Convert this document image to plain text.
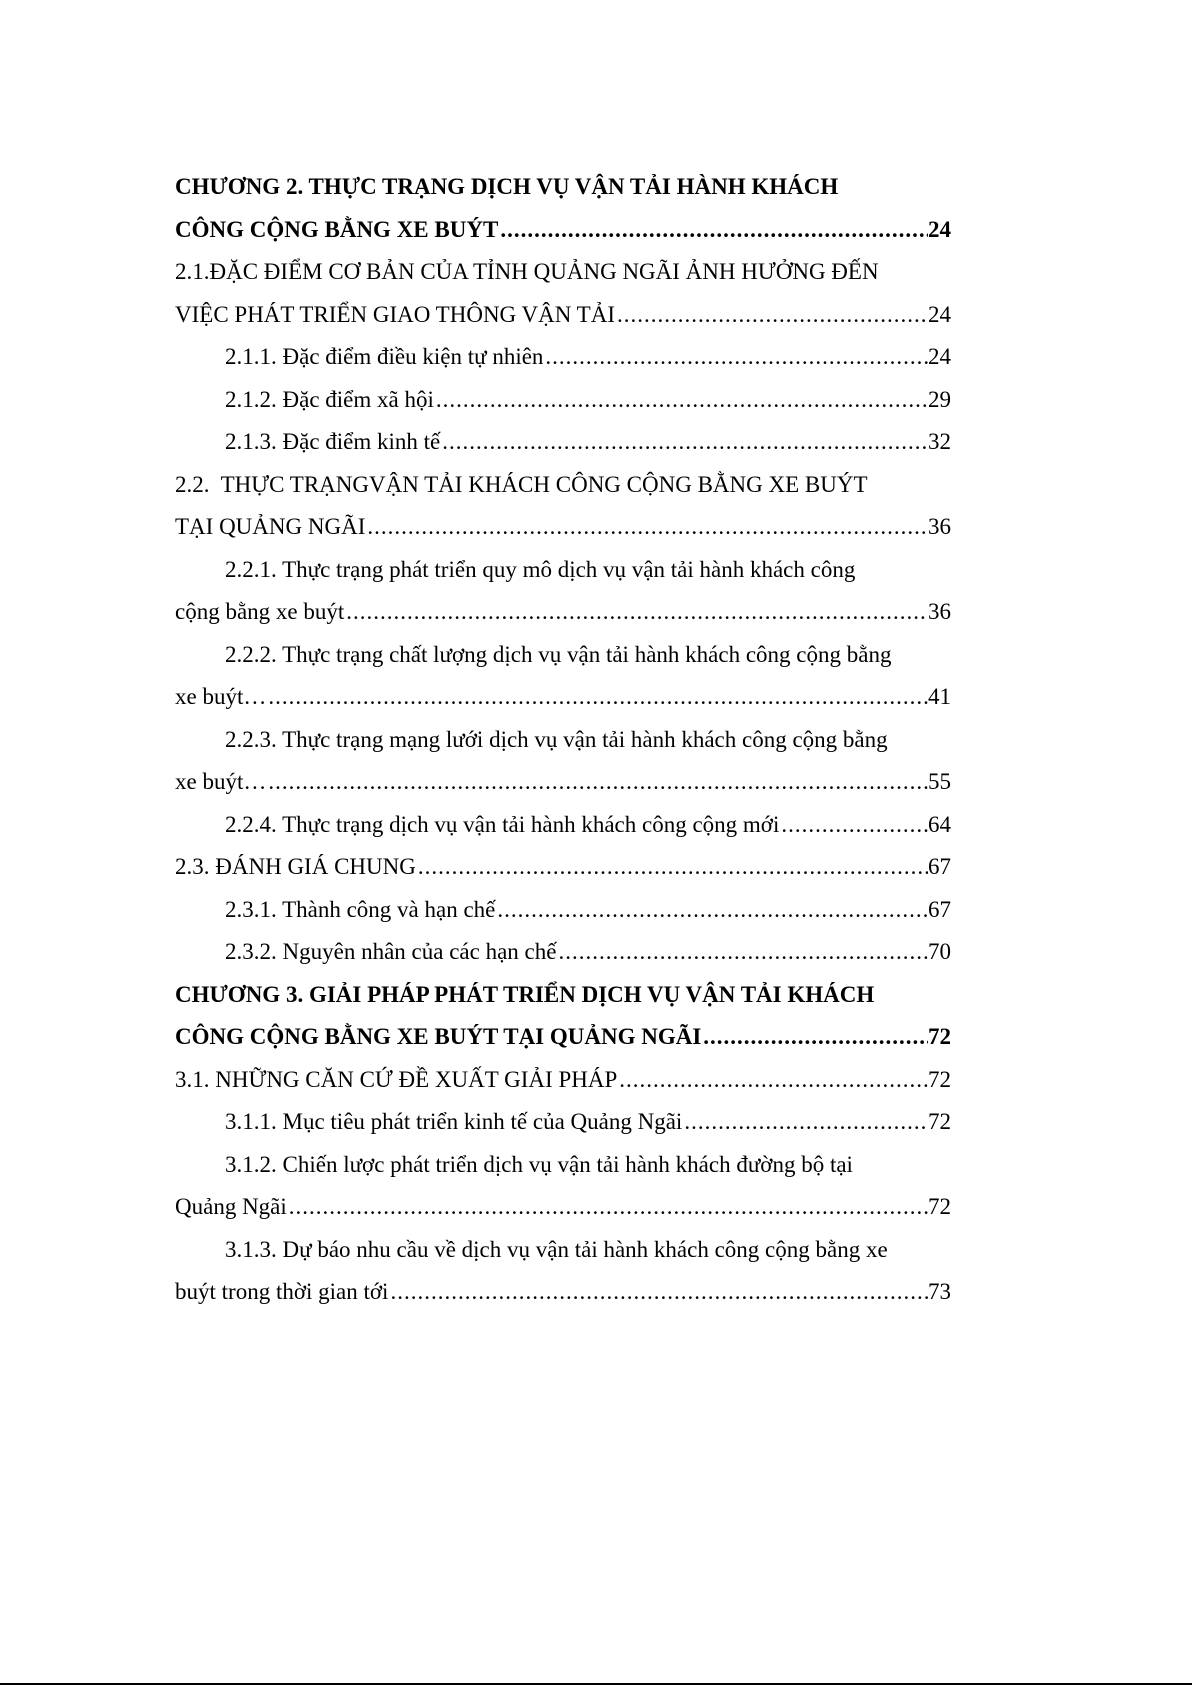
CHƯƠNG 2. THỰC TRẠNG DỊCH VỤ VẬN TẢI HÀNH KHÁCH
CÔNG CỘNG BẰNG XE BUÝT .....	24
2.1.ĐẶC ĐIỂM CƠ BẢN CỦA TỈNH QUẢNG NGÃI ẢNH HƯỞNG ĐẾN
VIỆC PHÁT TRIỂN GIAO THÔNG VẬN TẢI .....	24
2.1.1. Đặc điểm điều kiện tự nhiên .....	24
2.1.2. Đặc điểm xã hội .....	29
2.1.3. Đặc điểm kinh tế .....	32
2.2.  THỰC TRẠNGVẬN TẢI KHÁCH CÔNG CỘNG BẰNG XE BUÝT
TẠI QUẢNG NGÃI .....	36
2.2.1. Thực trạng phát triển quy mô dịch vụ vận tải hành khách công
cộng bằng xe buýt .....	36
2.2.2. Thực trạng chất lượng dịch vụ vận tải hành khách công cộng bằng
xe buýt… .....	41
2.2.3. Thực trạng mạng lưới dịch vụ vận tải hành khách công cộng bằng
xe buýt… .....	55
2.2.4. Thực trạng dịch vụ vận tải hành khách công cộng mới .....	64
2.3. ĐÁNH GIÁ CHUNG .....	67
2.3.1. Thành công và hạn chế .....	67
2.3.2. Nguyên nhân của các hạn chế .....	70
CHƯƠNG 3. GIẢI PHÁP PHÁT TRIỂN DỊCH VỤ VẬN TẢI KHÁCH
CÔNG CỘNG BẰNG XE BUÝT TẠI QUẢNG NGÃI .....	72
3.1. NHỮNG CĂN CỨ ĐỀ XUẤT GIẢI PHÁP .....	72
3.1.1. Mục tiêu phát triển kinh tế của Quảng Ngãi .....	72
3.1.2. Chiến lược phát triển dịch vụ vận tải hành khách đường bộ tại
Quảng Ngãi .....	72
3.1.3. Dự báo nhu cầu về dịch vụ vận tải hành khách công cộng bằng xe
buýt trong thời gian tới .....	73
